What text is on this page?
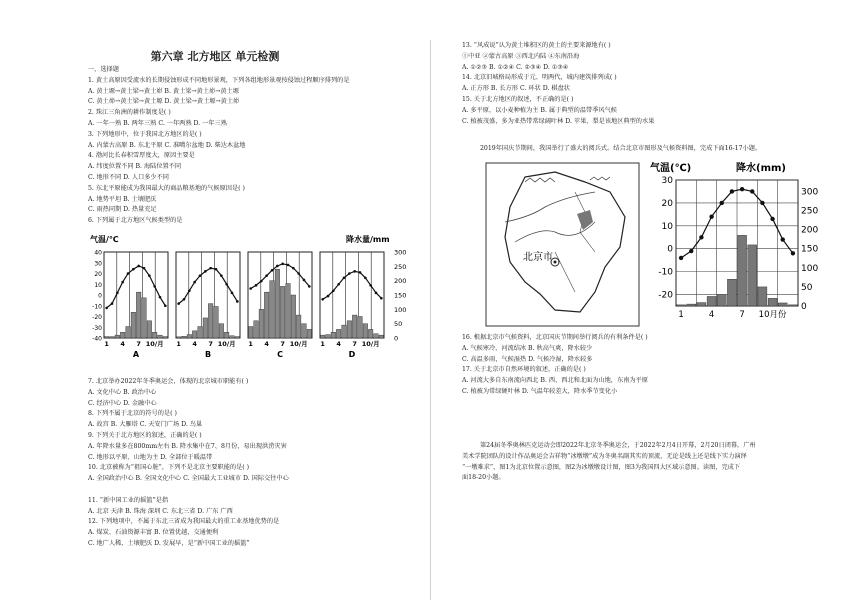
第六章 北方地区 单元检测
一、选择题
1. 黄土高原因受流水的长期侵蚀形成不同地形景观，下列各组地形景观按侵蚀过程顺序排列的是
A. 黄土塬→黄土梁→黄土峁 B. 黄土梁→黄土峁→黄土塬
C. 黄土峁→黄土梁→黄土塬 D. 黄土梁→黄土塬→黄土峁
2. 珠江三角洲的耕作制度是( )
A. 一年一熟 B. 两年三熟 C. 一年两熟 D. 一年三熟
3. 下列地形中，位于我国北方地区的是( )
A. 内蒙古高原 B. 东北平原 C. 准噶尔盆地 D. 柴达木盆地
4. 渤河比长春积雪厚度大，原因主要是
A. 纬度位置不同 B. 海陆位置不同
C. 地形不同 D. 人口多少不同
5. 东北平原能成为我国最大的商品粮基地的气候原因是( )
A. 地势平坦 B. 土壤肥沃
C. 雨热同期 D. 热量充足
6. 下列属于北方地区气候类型的是
气温/℃	降水量/mm
40
30
20
10
0
-10
-20
-30
-40
300
250
200
150
100
50
0
1 4 7 10/月
A
1 4 7 10/月
B
1 4 7 10/月
C
1 4 7 10/月
D
7. 北京举办2022年冬季奥运会，体现的北京城市职能有( )
A. 文化中心 B. 政治中心
C. 经济中心 D. 金融中心
8. 下列不属于北京的符号的是( )
A. 故宫 B. 大雁塔 C. 天安门广场 D. 鸟巢
9. 下列关于北方地区的叙述，正确的是( )
A. 年降水量多在800mm左右 B. 降水集中在7、8月份，易出现洪涝灾害
C. 地形以平原、山地为主 D. 全部位于暖温带
10. 北京被称为“祖国心脏”，下列不是北京主要职能的是( )
A. 全国政治中心 B. 全国文化中心 C. 全国最大工业城市 D. 国际交往中心
11. “新中国工业的摇篮”是指
A. 北京 天津 B. 珠海 深圳 C. 东北三省 D. 广东 广西
12. 下列地项中，不属于东北三省成为我国最大的重工业基地优势的是
A. 煤炭、石油资源丰富 B. 位置优越，交通便利
C. 地广人稀，土壤肥沃 D. 发展早，是“新中国工业的摇篮”
13. “风成说”认为黄土堆积区的黄土的主要来源地有( )
①中亚 ②蒙古高原 ③西北内陆 ④东南沿海
A. ①②③ B. ①②④ C. ②③④ D. ①③④
14. 北京旧城格局形成于元、明两代，城内建筑排列成( )
A. 正方形 B. 长方形 C. 环状 D. 棋盘状
15. 关于北方地区的叙述，不正确的是( )
A. 多平原，以小麦种植为主 B. 属于典型的温带季风气候
C. 植被茂盛，多为亚热带常绿阔叶林 D. 苹果、梨是该地区典型的水果
2019年国庆节期间，我国举行了盛大的阅兵式。结合北京市图形及气候资料图，完成下面16-17小题。
北京市
气温(℃)	降水(mm)
30
20
10
0
-10
-20
300
250
200
150
100
50
0
1	4	7 10月份
16. 根据北京市气候资料，北京国庆节期间举行阅兵的有利条件是( )
A. 气候寒冷，河流结冰 B. 秋高气爽，降水较少
C. 高温多雨，气候湿热 D. 气候冷湿，降水较多
17. 关于北京市自然环境的叙述，正确的是( )
A. 河流大多自东南流向西北 B. 西、西北和北面为山地，东南为平原
C. 植被为常绿硬叶林 D. 气温年较差大，降水季节变化小
第24届冬季奥林匹克运动会即2022年北京冬季奥运会，于2022年2月4日开幕，2月20日闭幕，广州
美术学院团队的设计作品奥运会吉祥物“冰墩墩”成为冬奥名副其实的顶流，无论是线上还是线下实力演绎
“一墩难求”，图1为北京位置示意图，图2为冰墩墩设计图，图3为我国四大区域示意图。读图，完成下
面18-20小题。
